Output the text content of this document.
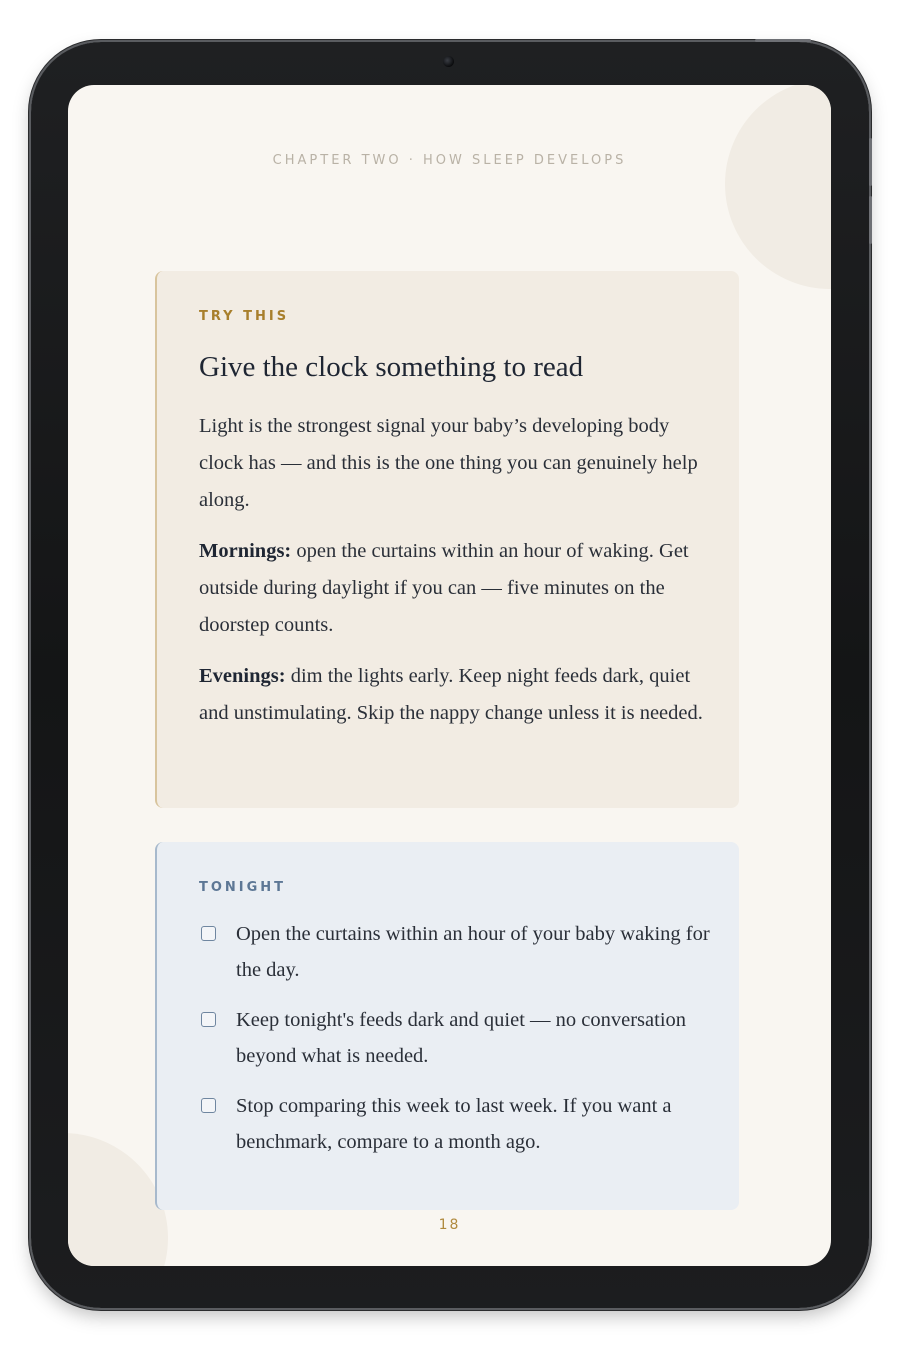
CHAPTER TWO · HOW SLEEP DEVELOPS
TRY THIS
Give the clock something to read
Light is the strongest signal your baby’s developing body clock has — and this is the one thing you can genuinely help along.
Mornings: open the curtains within an hour of waking. Get outside during daylight if you can — five minutes on the doorstep counts.
Evenings: dim the lights early. Keep night feeds dark, quiet and unstimulating. Skip the nappy change unless it is needed.
TONIGHT
Open the curtains within an hour of your baby waking for the day.
Keep tonight's feeds dark and quiet — no conversation beyond what is needed.
Stop comparing this week to last week. If you want a benchmark, compare to a month ago.
18
